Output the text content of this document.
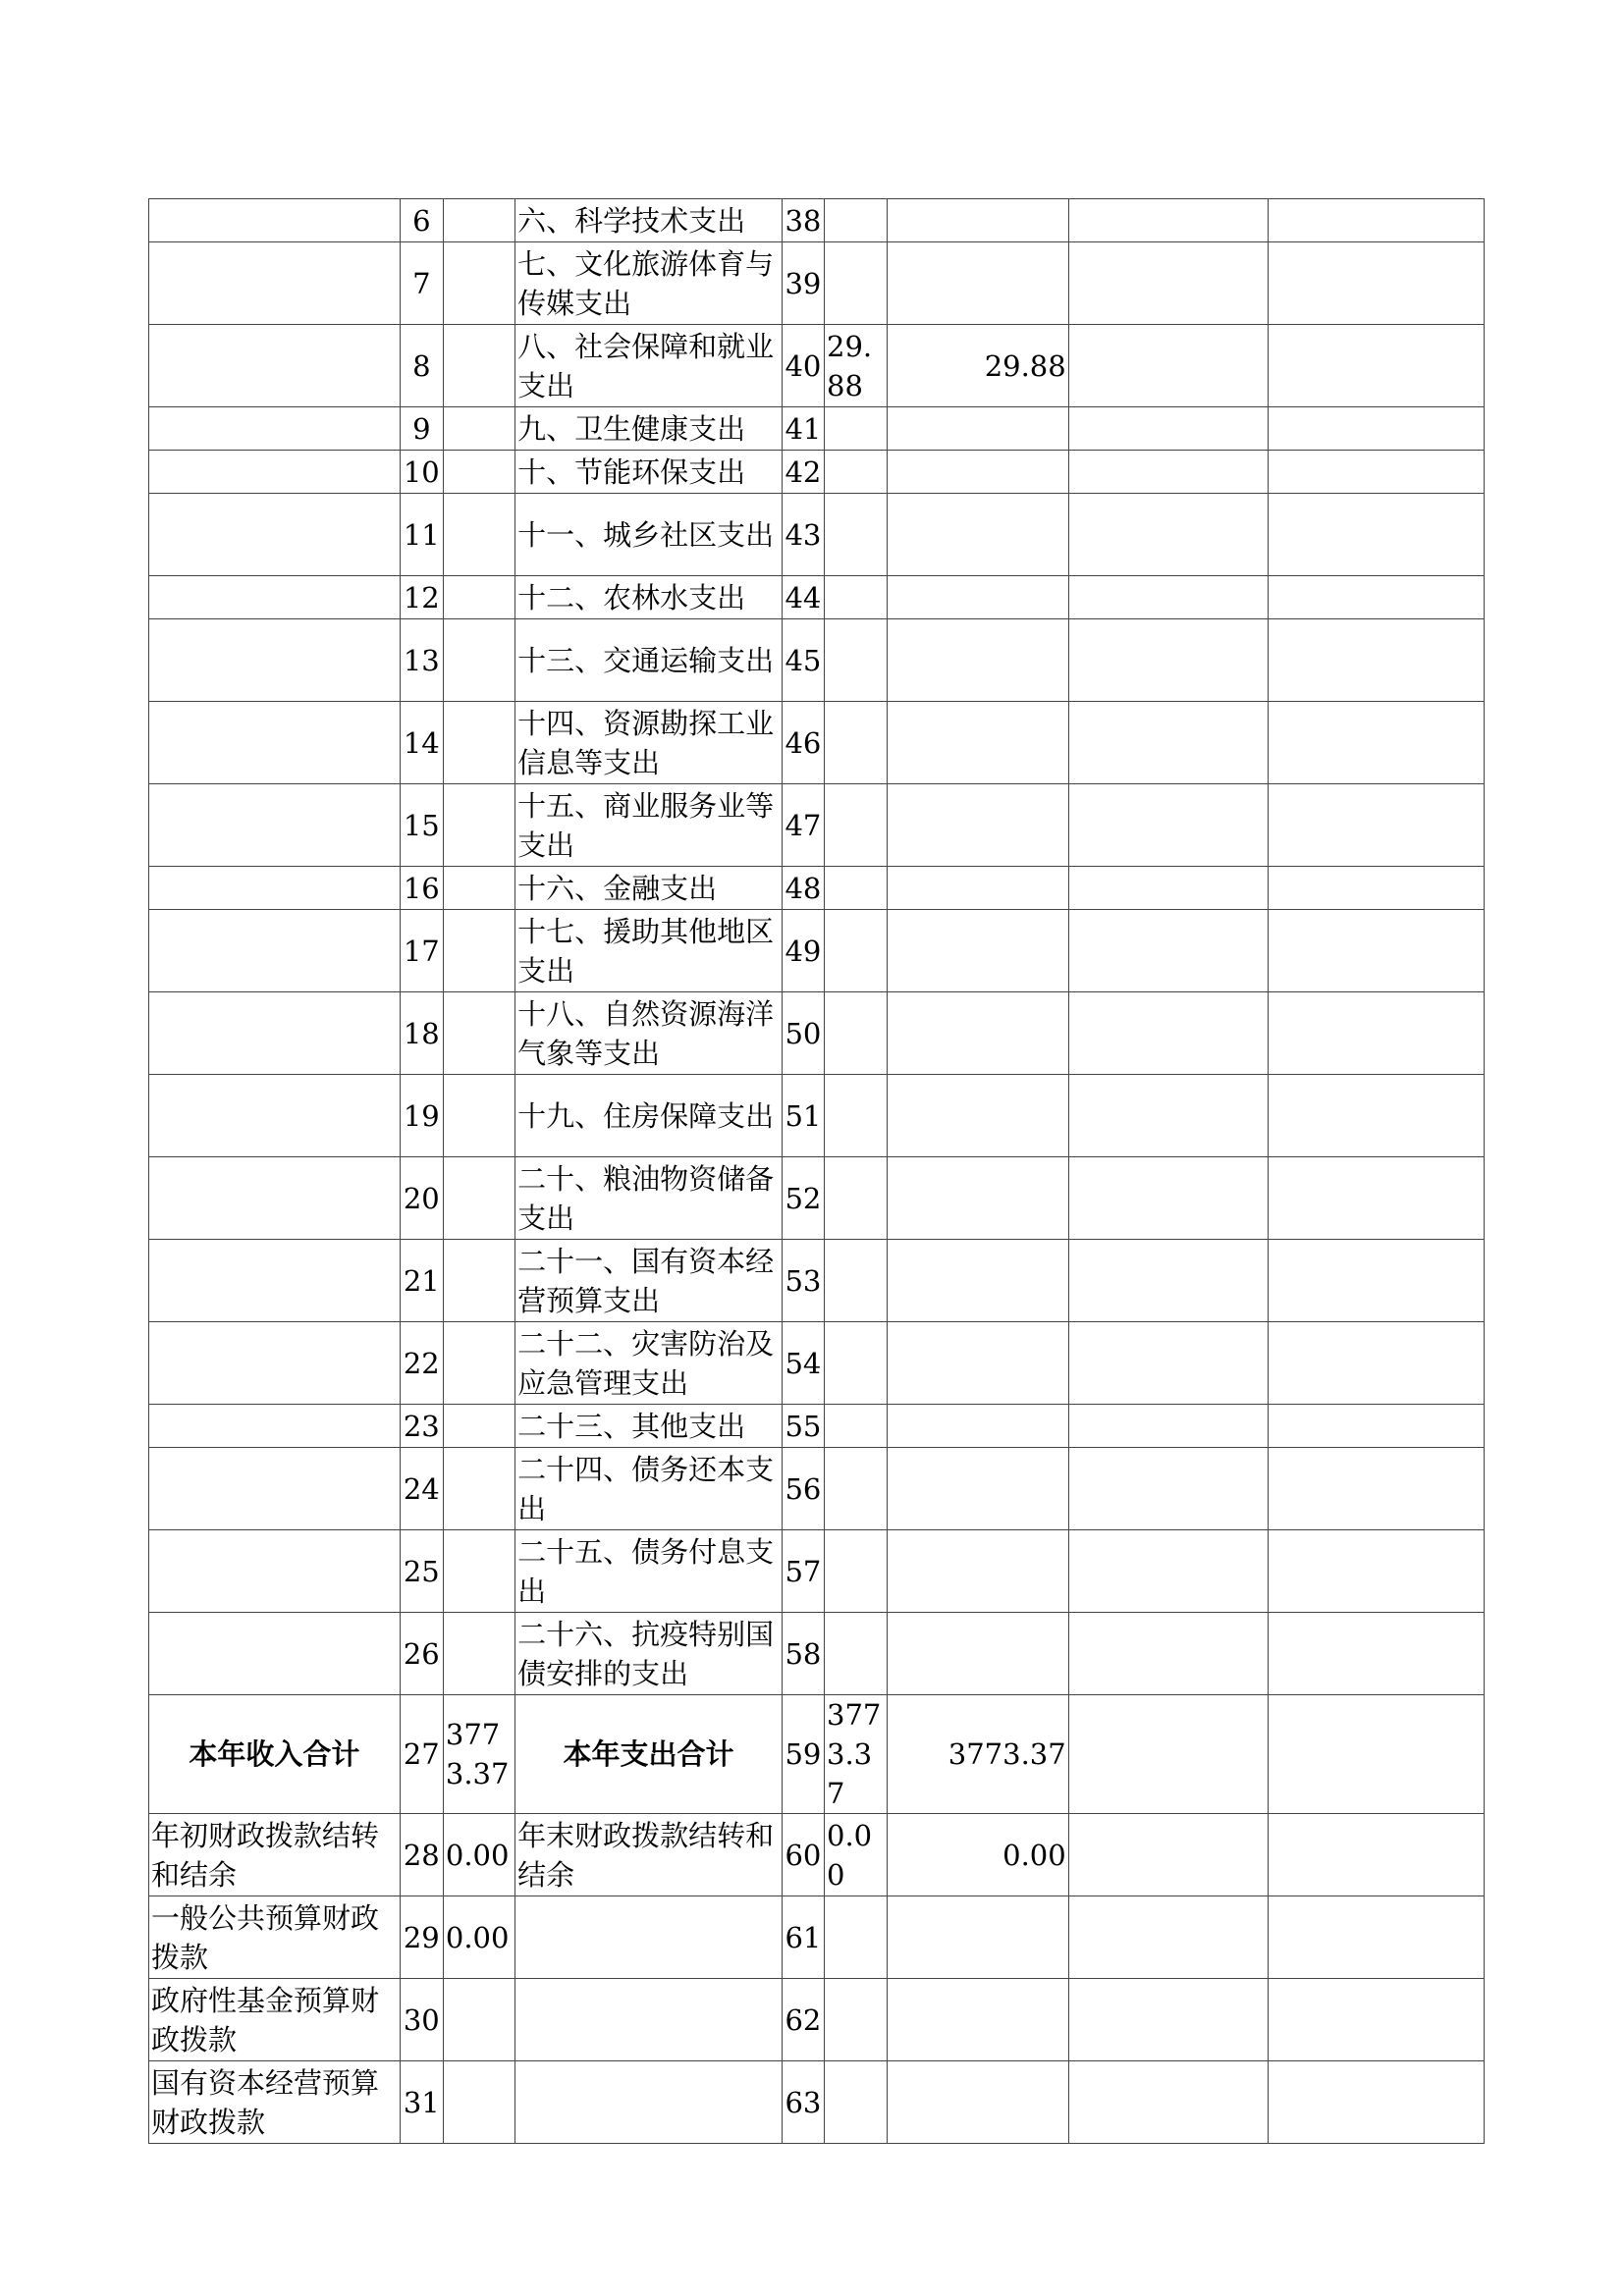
	6		六、科学技术支出	38				
	7		七、文化旅游体育与传媒支出	39				
	8		八、社会保障和就业支出	40	29.88	29.88		
	9		九、卫生健康支出	41				
	10		十、节能环保支出	42				
	11		十一、城乡社区支出	43				
	12		十二、农林水支出	44				
	13		十三、交通运输支出	45				
	14		十四、资源勘探工业信息等支出	46				
	15		十五、商业服务业等支出	47				
	16		十六、金融支出	48				
	17		十七、援助其他地区支出	49				
	18		十八、自然资源海洋气象等支出	50				
	19		十九、住房保障支出	51				
	20		二十、粮油物资储备支出	52				
	21		二十一、国有资本经营预算支出	53				
	22		二十二、灾害防治及应急管理支出	54				
	23		二十三、其他支出	55				
	24		二十四、债务还本支出	56				
	25		二十五、债务付息支出	57				
	26		二十六、抗疫特别国债安排的支出	58				
本年收入合计	27	3773.37	本年支出合计	59	3773.37	3773.37		
年初财政拨款结转和结余	28	0.00	年末财政拨款结转和结余	60	0.00	0.00		
一般公共预算财政拨款	29	0.00		61				
政府性基金预算财政拨款	30			62				
国有资本经营预算财政拨款	31			63				
